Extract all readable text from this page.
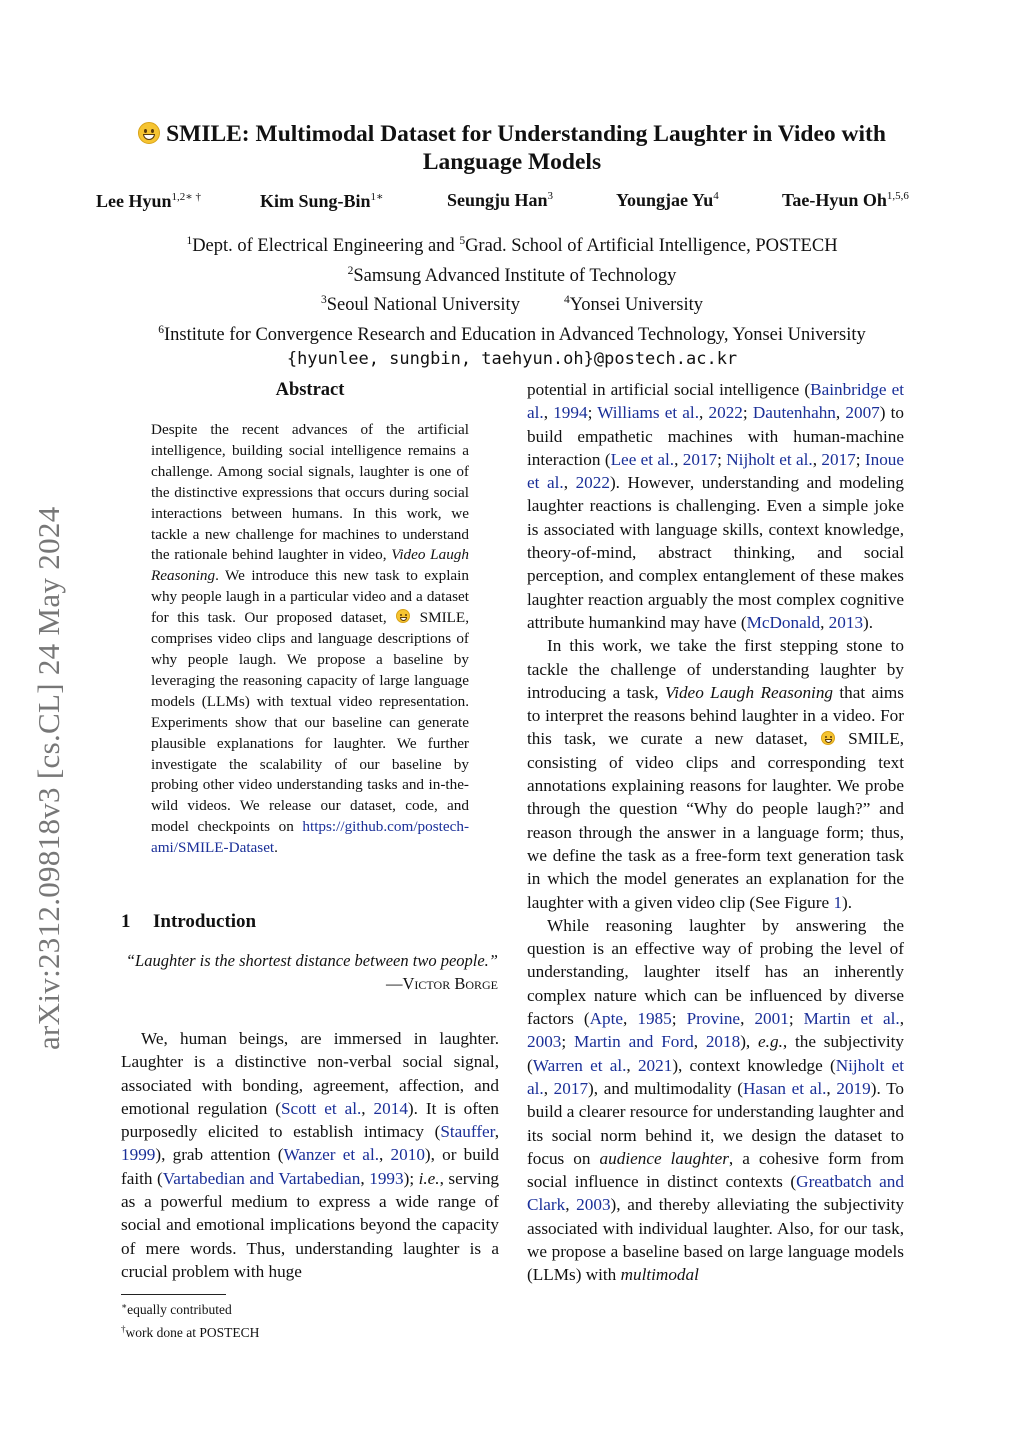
arXiv:2312.09818v3 [cs.CL] 24 May 2024
SMILE: Multimodal Dataset for Understanding Laughter in Video with
Language Models
Lee Hyun$^{1,2∗ \dagger}$	Kim Sung-Bin$^{1∗}$	Seungju Han$^3$	Youngjae Yu$^4$	Tae-Hyun Oh$^{1,5,6}$
$^1$Dept. of Electrical Engineering and $^5$Grad. School of Artificial Intelligence, POSTECH
$^2$Samsung Advanced Institute of Technology
$^3$Seoul National University	$^4$Yonsei University
$^6$Institute for Convergence Research and Education in Advanced Technology, Yonsei University
{hyunlee, sungbin, taehyun.oh}@postech.ac.kr
Abstract
Despite the recent advances of the artificial intelligence, building social intelligence remains a challenge. Among social signals, laughter is one of the distinctive expressions that occurs during social interactions between humans. In this work, we tackle a new challenge for machines to understand the rationale behind laughter in video, Video Laugh Reasoning. We introduce this new task to explain why people laugh in a particular video and a dataset for this task. Our proposed dataset,  SMILE, comprises video clips and language descriptions of why people laugh. We propose a baseline by leveraging the reasoning capacity of large language models (LLMs) with textual video representation. Experiments show that our baseline can generate plausible explanations for laughter. We further investigate the scalability of our baseline by probing other video understanding tasks and in-the-wild videos. We release our dataset, code, and model checkpoints on https://github.com/postech-ami/SMILE-Dataset.
1 Introduction
“Laughter is the shortest distance between two people.”
—Victor Borge

We, human beings, are immersed in laughter. Laughter is a distinctive non-verbal social signal, associated with bonding, agreement, affection, and emotional regulation (Scott et al., 2014). It is often purposedly elicited to establish intimacy (Stauffer, 1999), grab attention (Wanzer et al., 2010), or build faith (Vartabedian and Vartabedian, 1993); i.e., serving as a powerful medium to express a wide range of social and emotional implications beyond the capacity of mere words. Thus, understanding laughter is a crucial problem with huge

potential in artificial social intelligence (Bainbridge et al., 1994; Williams et al., 2022; Dautenhahn, 2007) to build empathetic machines with human-machine interaction (Lee et al., 2017; Nijholt et al., 2017; Inoue et al., 2022). However, understanding and modeling laughter reactions is challenging. Even a simple joke is associated with language skills, context knowledge, theory-of-mind, abstract thinking, and social perception, and complex entanglement of these makes laughter reaction arguably the most complex cognitive attribute humankind may have (McDonald, 2013).

In this work, we take the first stepping stone to tackle the challenge of understanding laughter by introducing a task, Video Laugh Reasoning that aims to interpret the reasons behind laughter in a video. For this task, we curate a new dataset,  SMILE, consisting of video clips and corresponding text annotations explaining reasons for laughter. We probe through the question “Why do people laugh?” and reason through the answer in a language form; thus, we define the task as a free-form text generation task in which the model generates an explanation for the laughter with a given video clip (See Figure 1).

While reasoning laughter by answering the question is an effective way of probing the level of understanding, laughter itself has an inherently complex nature which can be influenced by diverse factors (Apte, 1985; Provine, 2001; Martin et al., 2003; Martin and Ford, 2018), e.g., the subjectivity (Warren et al., 2021), context knowledge (Nijholt et al., 2017), and multimodality (Hasan et al., 2019). To build a clearer resource for understanding laughter and its social norm behind it, we design the dataset to focus on audience laughter, a cohesive form from social influence in distinct contexts (Greatbatch and Clark, 2003), and thereby alleviating the subjectivity associated with individual laughter. Also, for our task, we propose a baseline based on large language models (LLMs) with multimodal

∗equally contributed
†work done at POSTECH
